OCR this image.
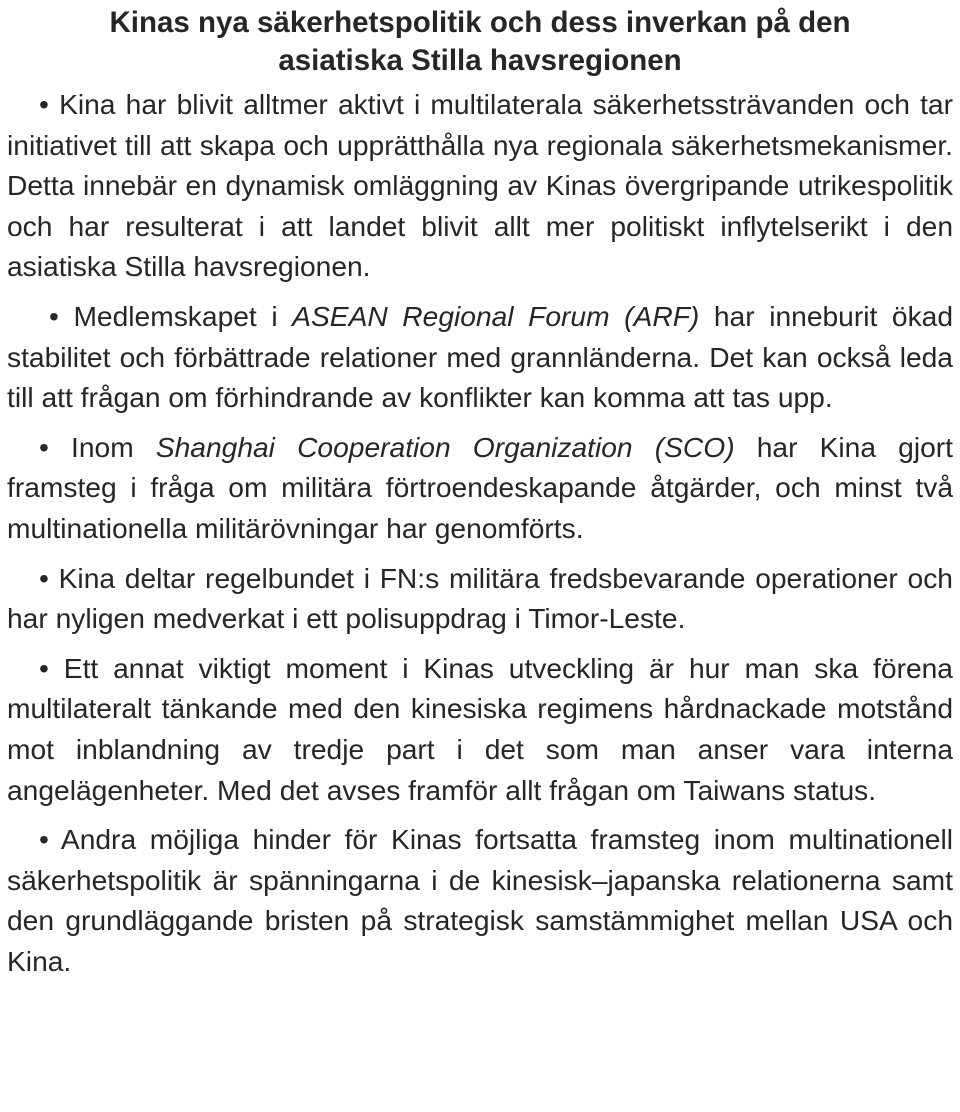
Kinas nya säkerhetspolitik och dess inverkan på den
asiatiska Stilla havsregionen

• Kina har blivit alltmer aktivt i multilaterala säkerhetssträvanden och tar initiativet till att skapa och upprätthålla nya regionala säkerhetsmekanismer. Detta innebär en dynamisk omläggning av Kinas övergripande utrikespolitik och har resulterat i att landet blivit allt mer politiskt inflytelserikt i den asiatiska Stilla havsregionen.

• Medlemskapet i ASEAN Regional Forum (ARF) har inneburit ökad stabilitet och förbättrade relationer med grannländerna. Det kan också leda till att frågan om förhindrande av konflikter kan komma att tas upp.

• Inom Shanghai Cooperation Organization (SCO) har Kina gjort framsteg i fråga om militära förtroendeskapande åtgärder, och minst två multinationella militärövningar har genomförts.

• Kina deltar regelbundet i FN:s militära fredsbevarande operationer och har nyligen medverkat i ett polisuppdrag i Timor-Leste.

• Ett annat viktigt moment i Kinas utveckling är hur man ska förena multilateralt tänkande med den kinesiska regimens hårdnackade motstånd mot inblandning av tredje part i det som man anser vara interna angelägenheter. Med det avses framför allt frågan om Taiwans status.

• Andra möjliga hinder för Kinas fortsatta framsteg inom multinationell säkerhetspolitik är spänningarna i de kinesisk–japanska relationerna samt den grundläggande bristen på strategisk samstämmighet mellan USA och Kina.
